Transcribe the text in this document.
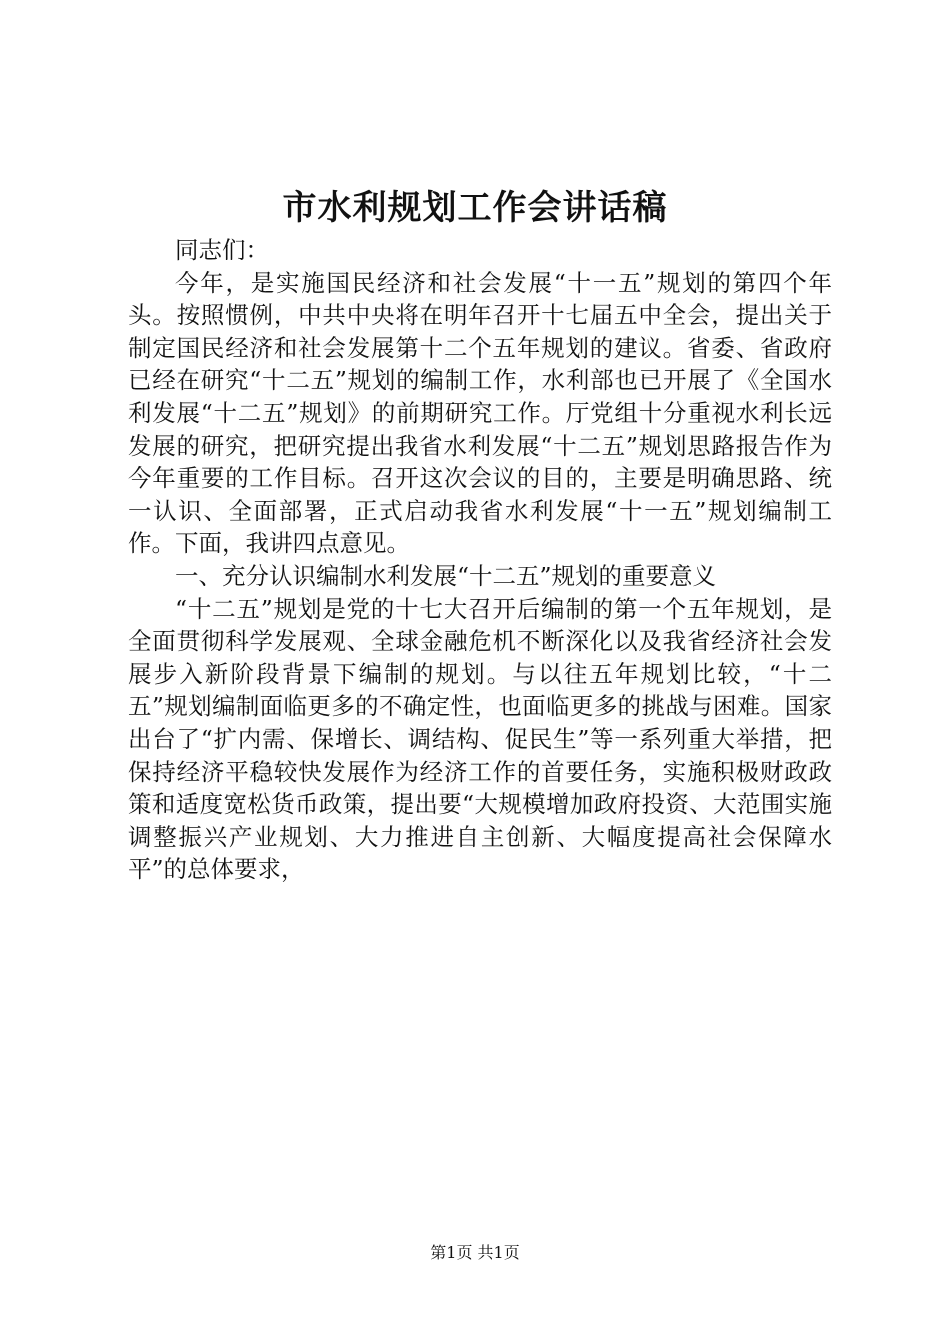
市水利规划工作会讲话稿

同志们：

今年，是实施国民经济和社会发展“十一五”规划的第四个年头。按照惯例，中共中央将在明年召开十七届五中全会，提出关于制定国民经济和社会发展第十二个五年规划的建议。省委、省政府已经在研究“十二五”规划的编制工作，水利部也已开展了《全国水利发展“十二五”规划》的前期研究工作。厅党组十分重视水利长远发展的研究，把研究提出我省水利发展“十二五”规划思路报告作为今年重要的工作目标。召开这次会议的目的，主要是明确思路、统一认识、全面部署，正式启动我省水利发展“十一五”规划编制工作。下面，我讲四点意见。

一、充分认识编制水利发展“十二五”规划的重要意义

“十二五”规划是党的十七大召开后编制的第一个五年规划，是全面贯彻科学发展观、全球金融危机不断深化以及我省经济社会发展步入新阶段背景下编制的规划。与以往五年规划比较，“十二五”规划编制面临更多的不确定性，也面临更多的挑战与困难。国家出台了“扩内需、保增长、调结构、促民生”等一系列重大举措，把保持经济平稳较快发展作为经济工作的首要任务，实施积极财政政策和适度宽松货币政策，提出要“大规模增加政府投资、大范围实施调整振兴产业规划、大力推进自主创新、大幅度提高社会保障水平”的总体要求，

第1页 共1页
